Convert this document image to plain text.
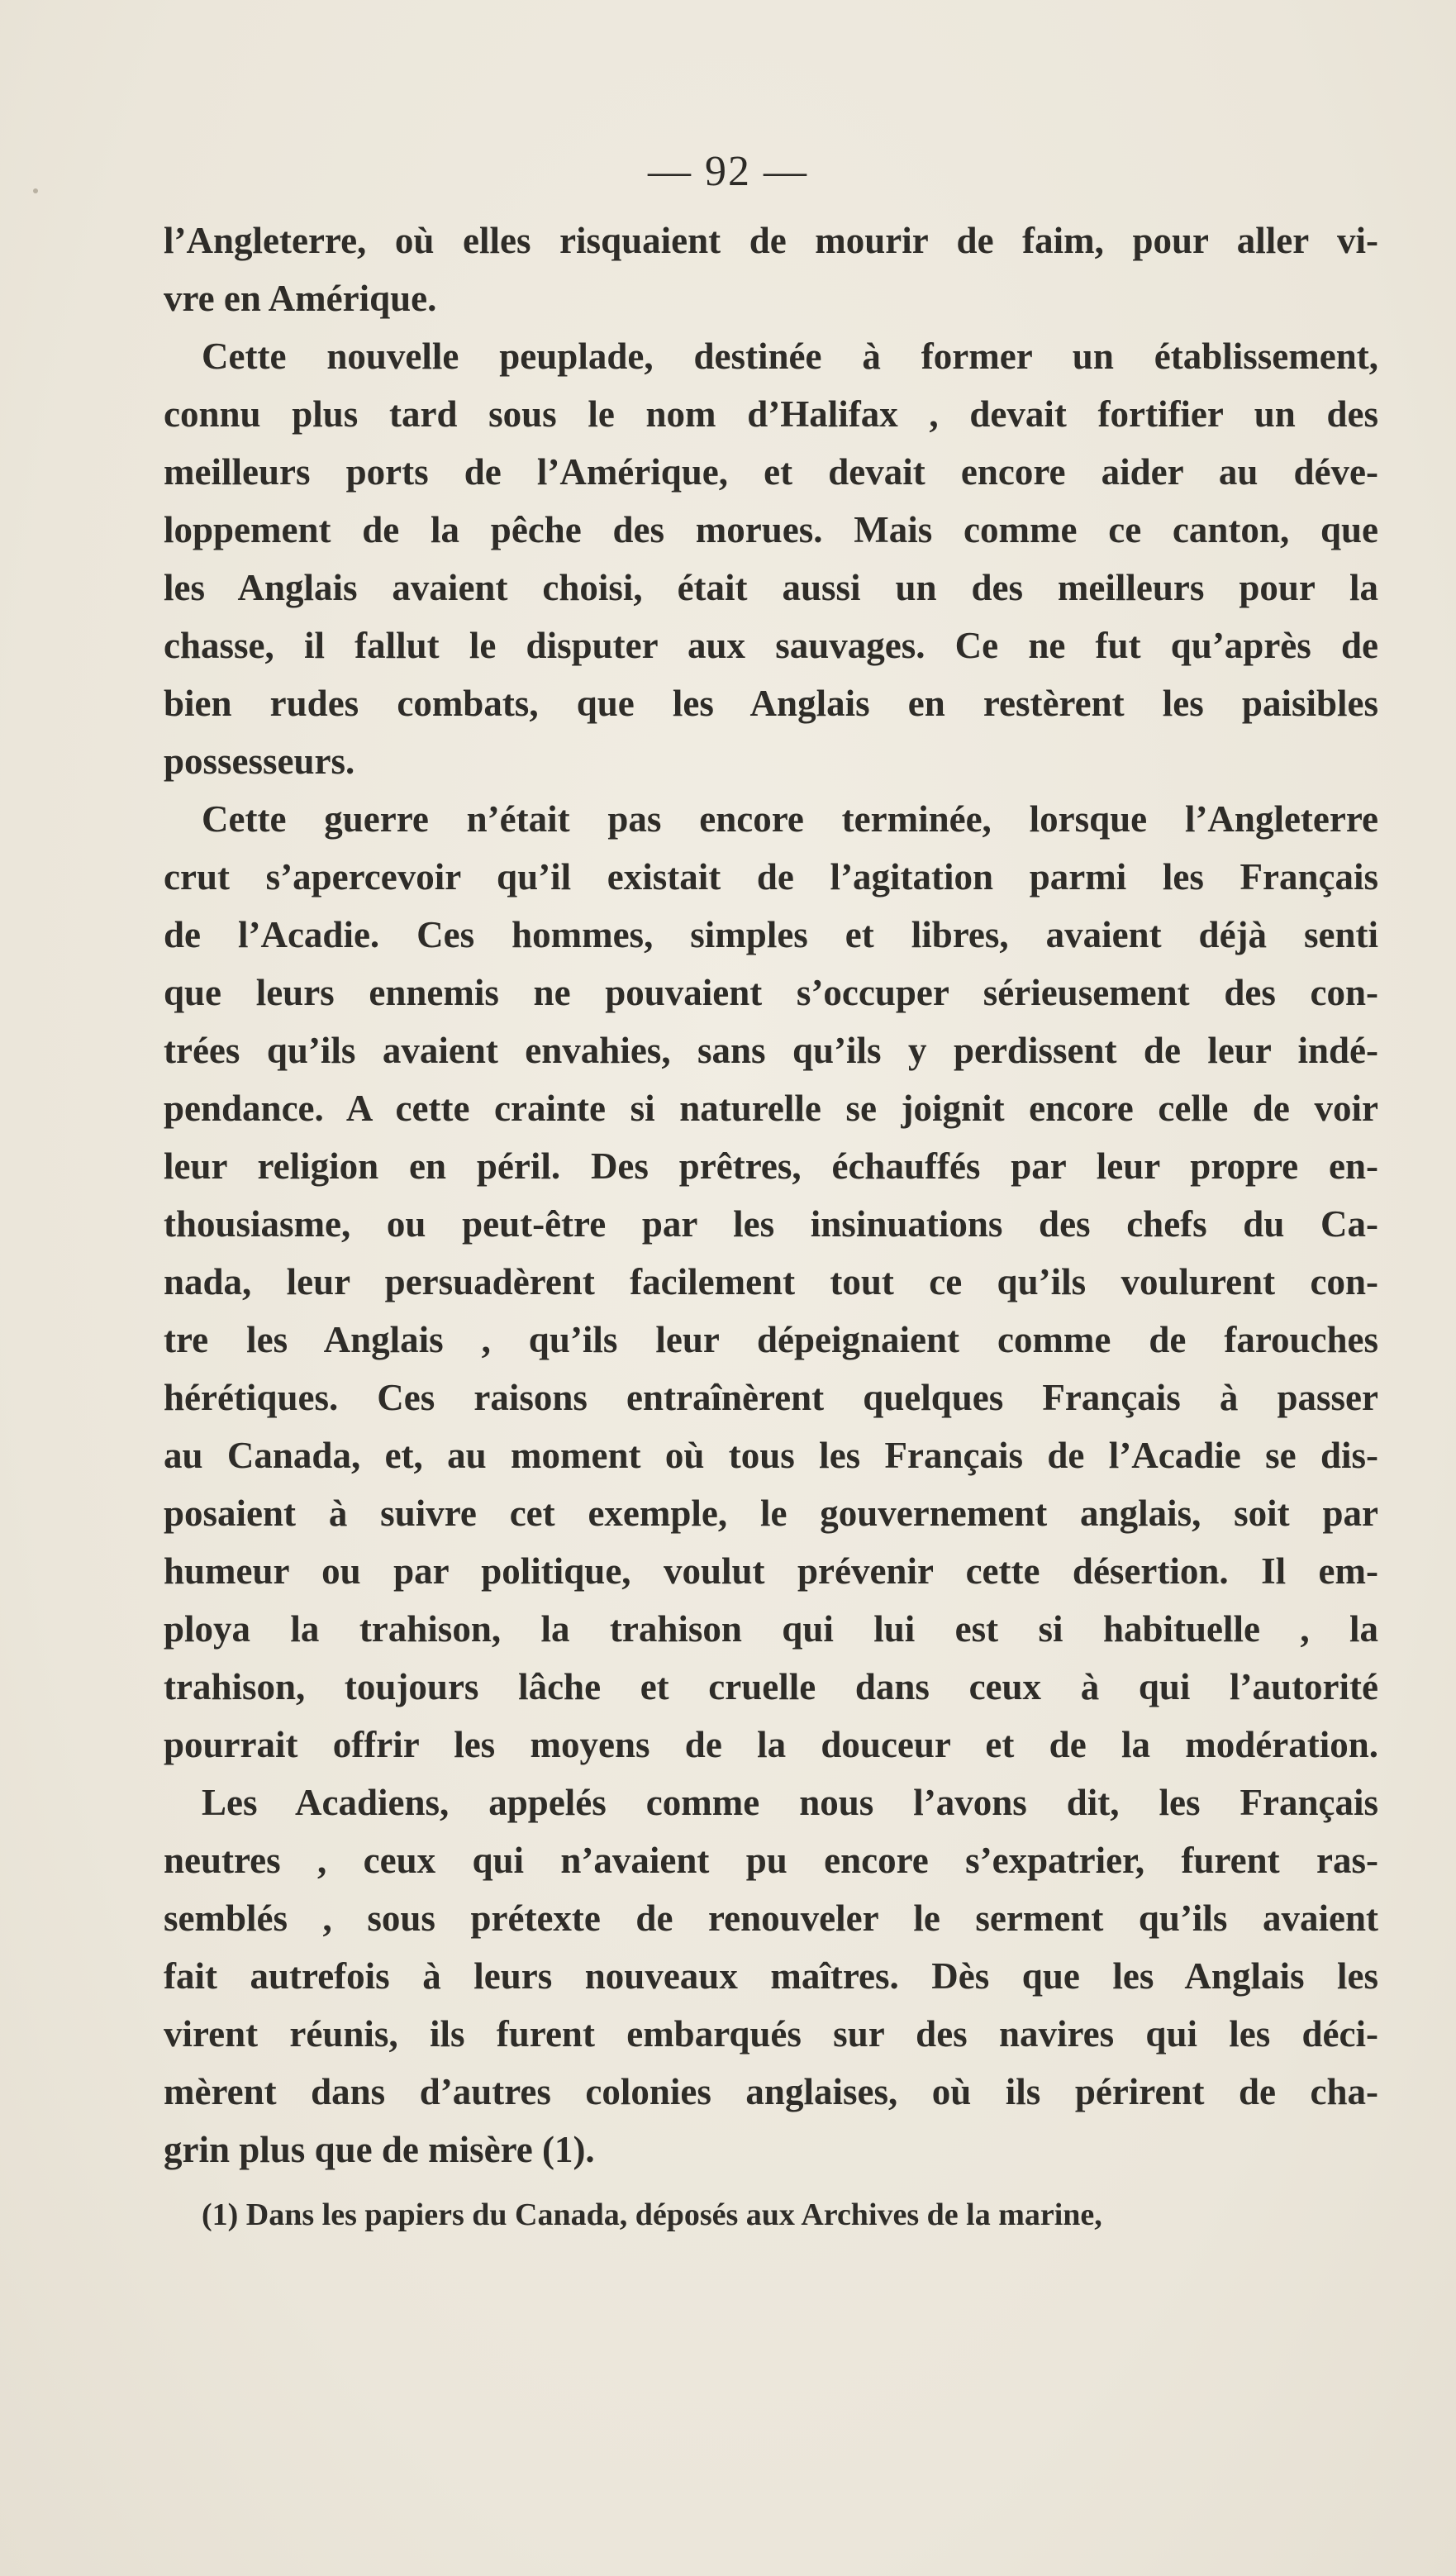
— 92 —
l’Angleterre, où elles risquaient de mourir de faim, pour aller vi-
vre en Amérique.
Cette nouvelle peuplade, destinée à former un établissement,
connu plus tard sous le nom d’Halifax , devait fortifier un des
meilleurs ports de l’Amérique, et devait encore aider au déve-
loppement de la pêche des morues. Mais comme ce canton, que
les Anglais avaient choisi, était aussi un des meilleurs pour la
chasse, il fallut le disputer aux sauvages. Ce ne fut qu’après de
bien rudes combats, que les Anglais en restèrent les paisibles
possesseurs.
Cette guerre n’était pas encore terminée, lorsque l’Angleterre
crut s’apercevoir qu’il existait de l’agitation parmi les Français
de l’Acadie. Ces hommes, simples et libres, avaient déjà senti
que leurs ennemis ne pouvaient s’occuper sérieusement des con-
trées qu’ils avaient envahies, sans qu’ils y perdissent de leur indé-
pendance. A cette crainte si naturelle se joignit encore celle de voir
leur religion en péril. Des prêtres, échauffés par leur propre en-
thousiasme, ou peut-être par les insinuations des chefs du Ca-
nada, leur persuadèrent facilement tout ce qu’ils voulurent con-
tre les Anglais , qu’ils leur dépeignaient comme de farouches
hérétiques. Ces raisons entraînèrent quelques Français à passer
au Canada, et, au moment où tous les Français de l’Acadie se dis-
posaient à suivre cet exemple, le gouvernement anglais, soit par
humeur ou par politique, voulut prévenir cette désertion. Il em-
ploya la trahison, la trahison qui lui est si habituelle , la
trahison, toujours lâche et cruelle dans ceux à qui l’autorité
pourrait offrir les moyens de la douceur et de la modération.
Les Acadiens, appelés comme nous l’avons dit, les Français
neutres , ceux qui n’avaient pu encore s’expatrier, furent ras-
semblés , sous prétexte de renouveler le serment qu’ils avaient
fait autrefois à leurs nouveaux maîtres. Dès que les Anglais les
virent réunis, ils furent embarqués sur des navires qui les déci-
mèrent dans d’autres colonies anglaises, où ils périrent de cha-
grin plus que de misère (1).
(1) Dans les papiers du Canada, déposés aux Archives de la marine,
